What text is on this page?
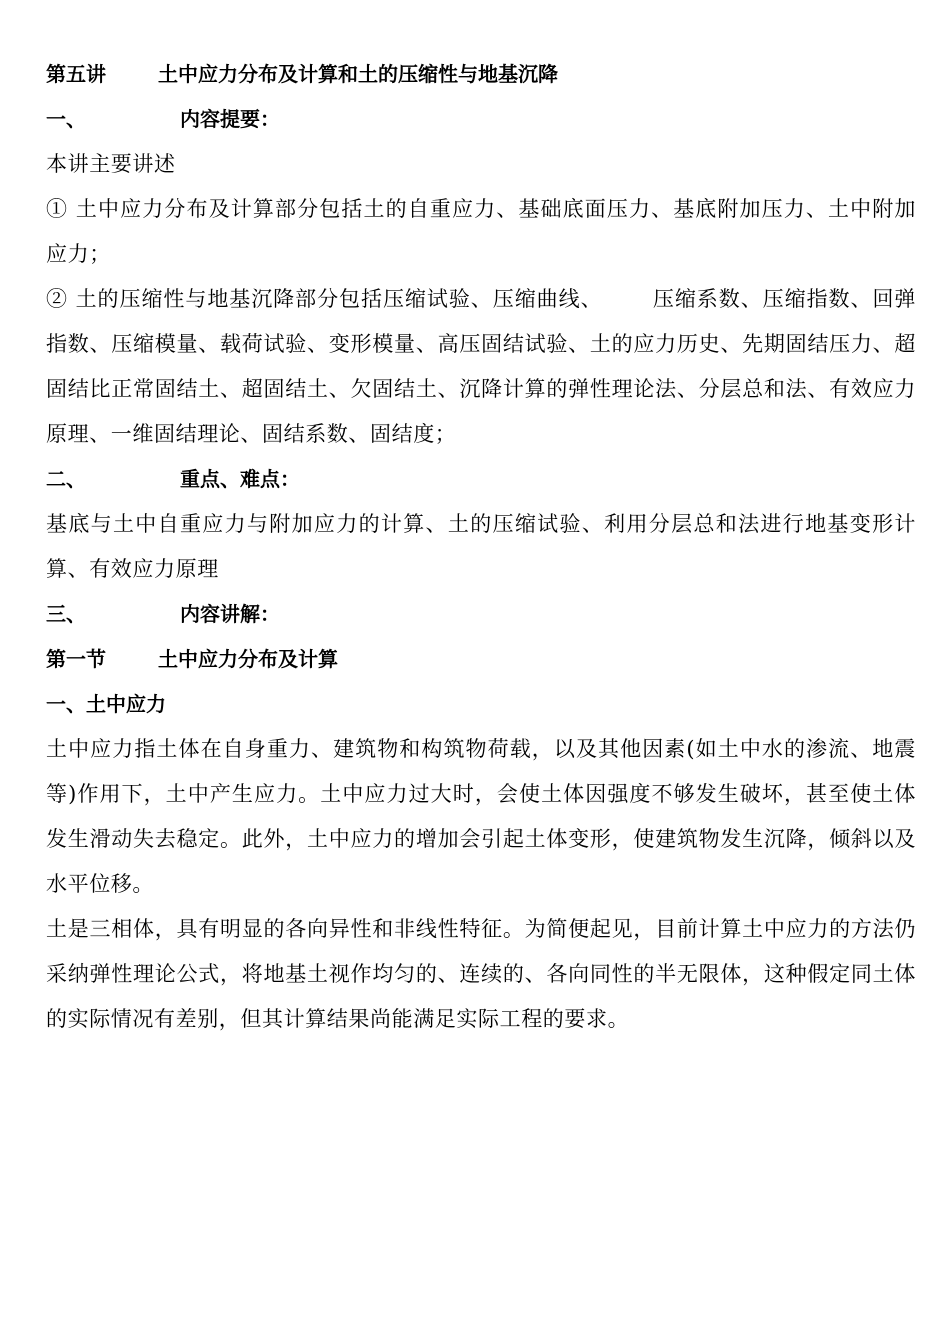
第五讲	土中应力分布及计算和土的压缩性与地基沉降
一、	内容提要：
本讲主要讲述
① 土中应力分布及计算部分包括土的自重应力、基础底面压力、基底附加压力、土中附加应力；
② 土的压缩性与地基沉降部分包括压缩试验、压缩曲线、 压缩系数、压缩指数、回弹指数、压缩模量、载荷试验、变形模量、高压固结试验、土的应力历史、先期固结压力、超固结比正常固结土、超固结土、欠固结土、沉降计算的弹性理论法、分层总和法、有效应力原理、一维固结理论、固结系数、固结度；
二、	重点、难点：
基底与土中自重应力与附加应力的计算、土的压缩试验、利用分层总和法进行地基变形计算、有效应力原理
三、	内容讲解：
第一节	土中应力分布及计算
一、土中应力
土中应力指土体在自身重力、建筑物和构筑物荷载，以及其他因素(如土中水的渗流、地震等)作用下，土中产生应力。土中应力过大时，会使土体因强度不够发生破坏，甚至使土体发生滑动失去稳定。此外，土中应力的增加会引起土体变形，使建筑物发生沉降，倾斜以及水平位移。
土是三相体，具有明显的各向异性和非线性特征。为简便起见，目前计算土中应力的方法仍采纳弹性理论公式，将地基土视作均匀的、连续的、各向同性的半无限体，这种假定同土体的实际情况有差别，但其计算结果尚能满足实际工程的要求。
